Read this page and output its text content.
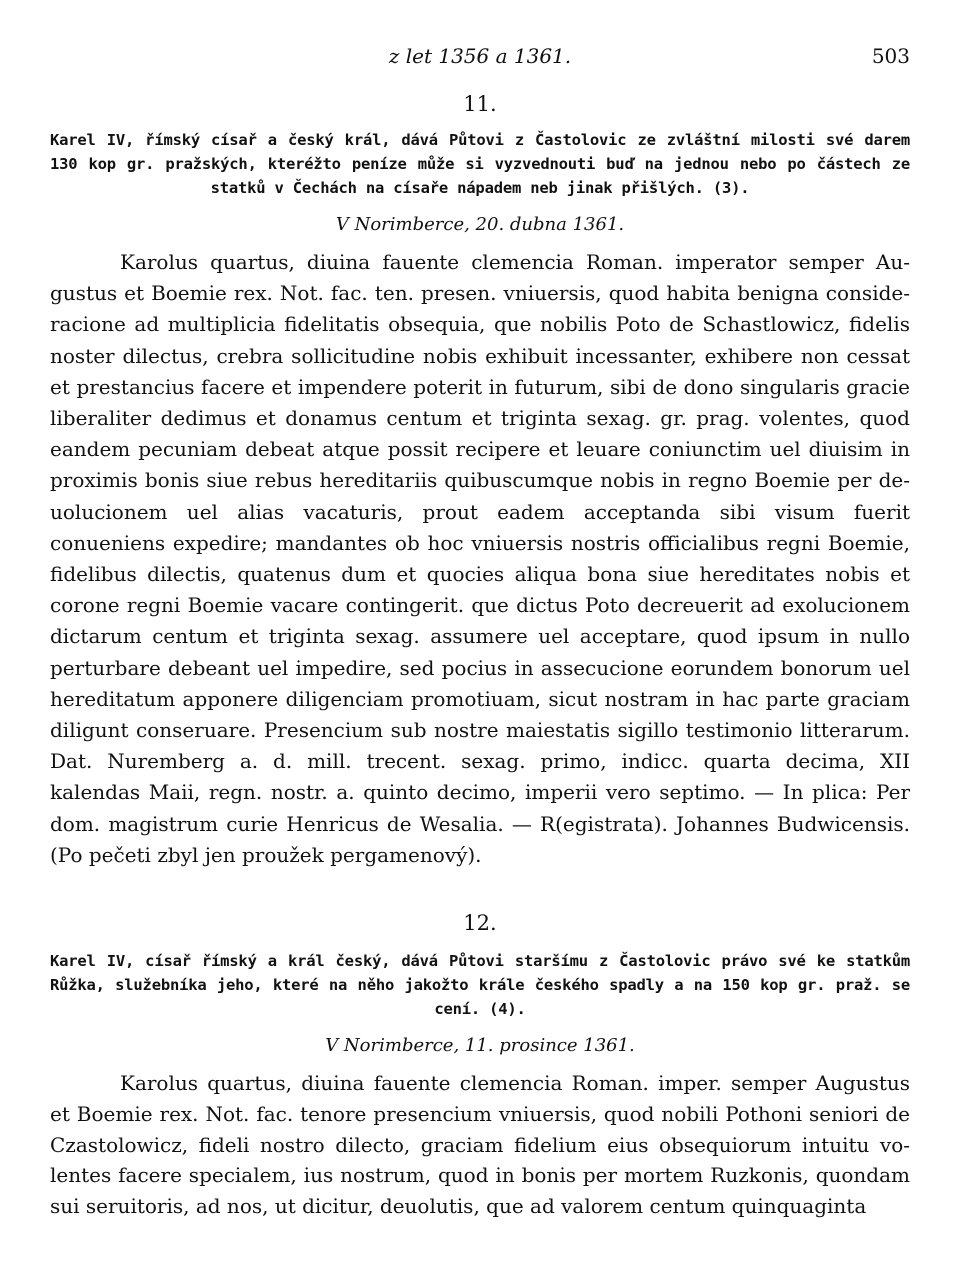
z let 1356 a 1361.	503
11.
Karel IV, římský císař a český král, dává Půtovi z Častolovic ze zvláštní milosti své darem 130 kop gr. pražských, kteréžto peníze může si vyzvednouti buď na jednou nebo po částech ze statků v Čechách na císaře nápadem neb jinak přišlých. (3).
V Norimberce, 20. dubna 1361.

Karolus quartus, diuina fauente clemencia Roman. imperator semper Augustus et Boemie rex. Not. fac. ten. presen. vniuersis, quod habita benigna consideracione ad multiplicia fidelitatis obsequia, que nobilis Poto de Schastlowicz, fidelis noster dilectus, crebra sollicitudine nobis exhibuit incessanter, exhibere non cessat et prestancius facere et impendere poterit in futurum, sibi de dono singularis gracie liberaliter dedimus et donamus centum et triginta sexag. gr. prag. volentes, quod eandem pecuniam debeat atque possit recipere et leuare coniunctim uel diuisim in proximis bonis siue rebus hereditariis quibuscumque nobis in regno Boemie per deuolucionem uel alias vacaturis, prout eadem acceptanda sibi visum fuerit conueniens expedire; mandantes ob hoc vniuersis nostris officialibus regni Boemie, fidelibus dilectis, quatenus dum et quocies aliqua bona siue hereditates nobis et corone regni Boemie vacare contingerit. que dictus Poto decreuerit ad exolucionem dictarum centum et triginta sexag. assumere uel acceptare, quod ipsum in nullo perturbare debeant uel impedire, sed pocius in assecucione eorundem bonorum uel hereditatum apponere diligenciam promotiuam, sicut nostram in hac parte graciam diligunt conseruare. Presencium sub nostre maiestatis sigillo testimonio litterarum. Dat. Nuremberg a. d. mill. trecent. sexag. primo, indicc. quarta decima, XII kalendas Maii, regn. nostr. a. quinto decimo, imperii vero septimo. — In plica: Per dom. magistrum curie Henricus de Wesalia. — R(egistrata). Johannes Budwicensis. (Po pečeti zbyl jen proužek pergamenový).

12.
Karel IV, císař římský a král český, dává Půtovi staršímu z Častolovic právo své ke statkům Růžka, služebníka jeho, které na něho jakožto krále českého spadly a na 150 kop gr. praž. se cení. (4).
V Norimberce, 11. prosince 1361.

Karolus quartus, diuina fauente clemencia Roman. imper. semper Augustus et Boemie rex. Not. fac. tenore presencium vniuersis, quod nobili Pothoni seniori de Czastolowicz, fideli nostro dilecto, graciam fidelium eius obsequiorum intuitu volentes facere specialem, ius nostrum, quod in bonis per mortem Ruzkonis, quondam sui seruitoris, ad nos, ut dicitur, deuolutis, que ad valorem centum quinquaginta
